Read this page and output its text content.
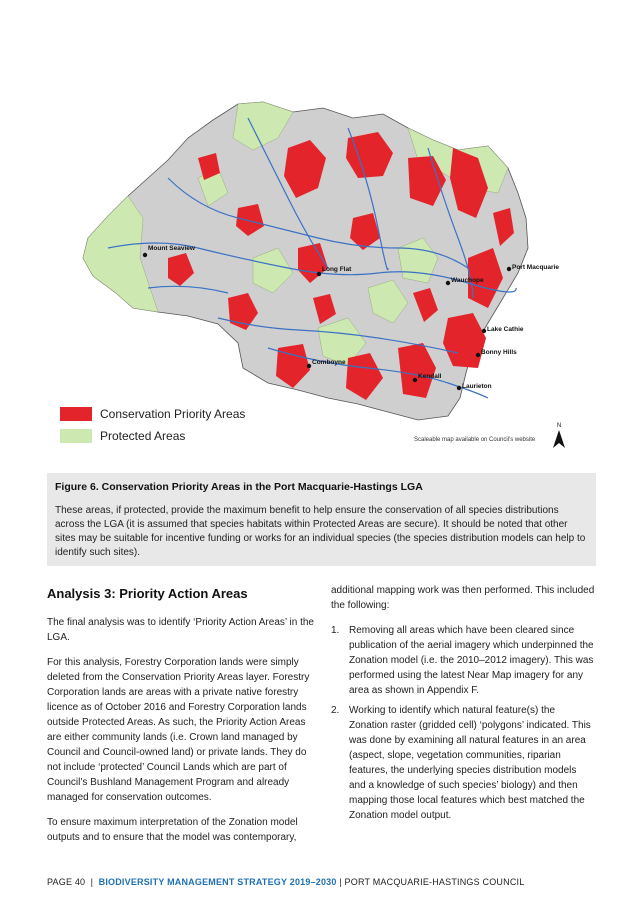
Mount Seaview
Long Flat
Wauchope
Port Macquarie
Lake Cathie
Bonny Hills
Comboyne
Kendall
Laurieton
Conservation Priority Areas
Protected Areas
N
Scaleable map available on Council's website
Figure 6. Conservation Priority Areas in the Port Macquarie-Hastings LGA
These areas, if protected, provide the maximum benefit to help ensure the conservation of all species distributions across the LGA (it is assumed that species habitats within Protected Areas are secure). It should be noted that other sites may be suitable for incentive funding or works for an individual species (the species distribution models can help to identify such sites).
Analysis 3: Priority Action Areas

The final analysis was to identify ‘Priority Action Areas’ in the LGA.

For this analysis, Forestry Corporation lands were simply deleted from the Conservation Priority Areas layer. Forestry Corporation lands are areas with a private native forestry licence as of October 2016 and Forestry Corporation lands outside Protected Areas. As such, the Priority Action Areas are either community lands (i.e. Crown land managed by Council and Council-owned land) or private lands. They do not include ‘protected’ Council Lands which are part of Council’s Bushland Management Program and already managed for conservation outcomes.

To ensure maximum interpretation of the Zonation model outputs and to ensure that the model was contemporary,

additional mapping work was then performed. This included the following:

1. Removing all areas which have been cleared since publication of the aerial imagery which underpinned the Zonation model (i.e. the 2010–2012 imagery). This was performed using the latest Near Map imagery for any area as shown in Appendix F.
2. Working to identify which natural feature(s) the Zonation raster (gridded cell) ‘polygons’ indicated. This was done by examining all natural features in an area (aspect, slope, vegetation communities, riparian features, the underlying species distribution models and a knowledge of such species’ biology) and then mapping those local features which best matched the Zonation model output.
PAGE 40 | BIODIVERSITY MANAGEMENT STRATEGY 2019–2030 | PORT MACQUARIE-HASTINGS COUNCIL
